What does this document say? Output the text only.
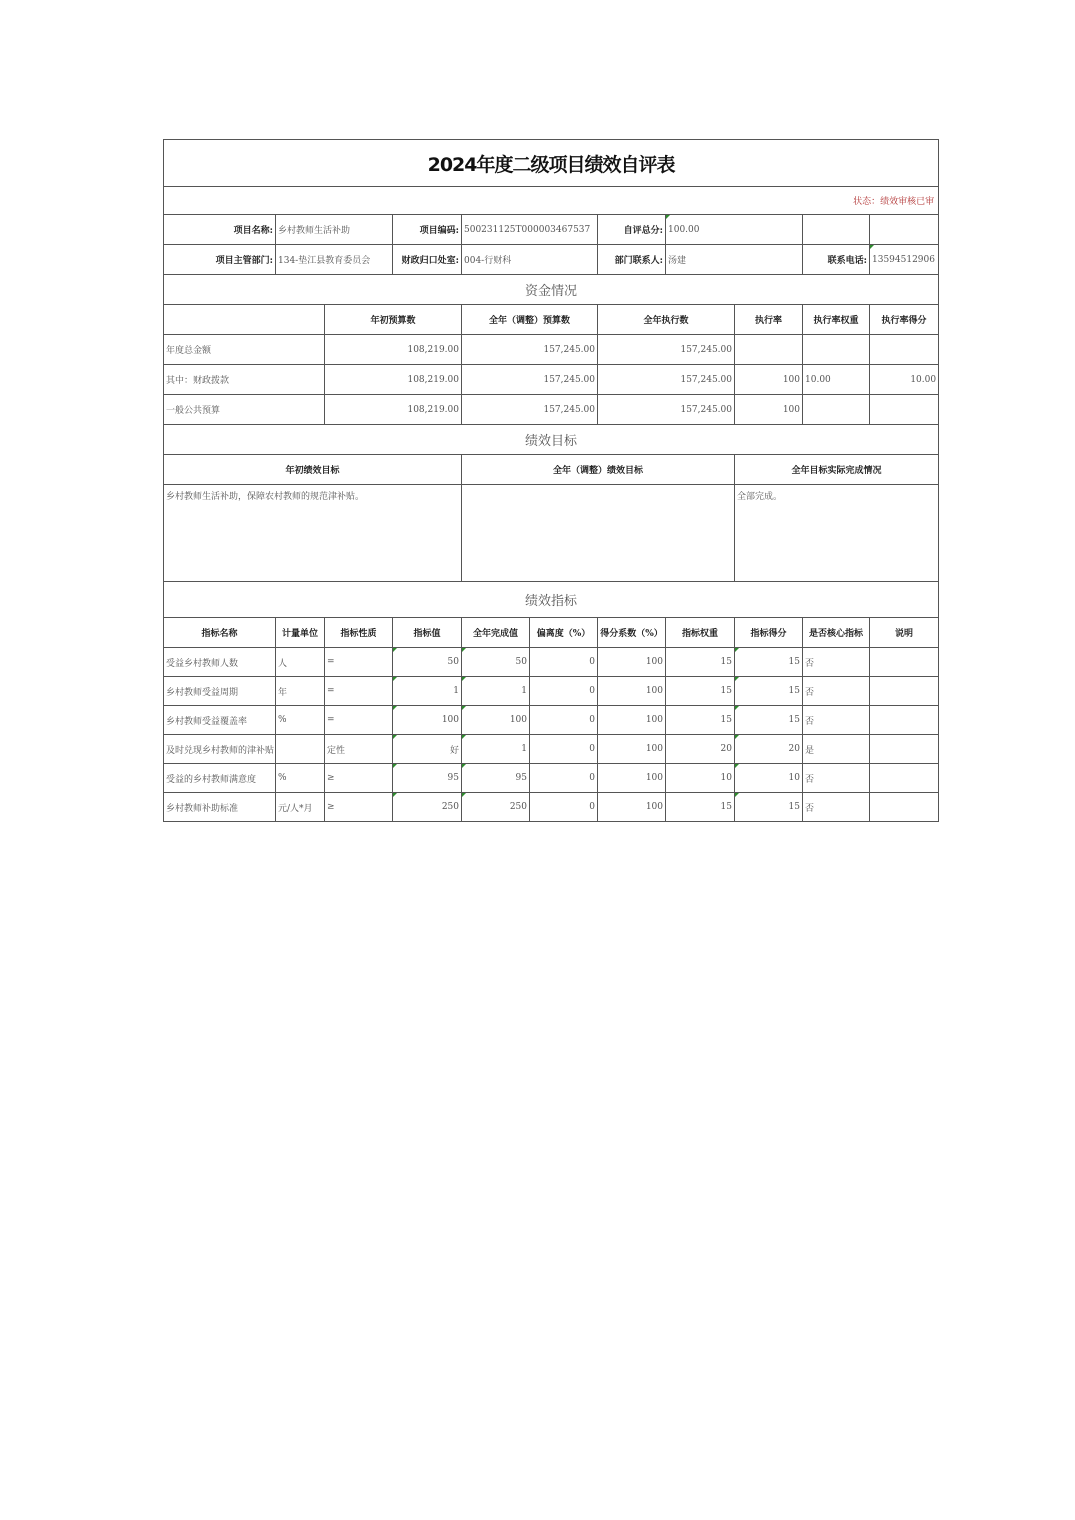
2024年度二级项目绩效自评表										
状态：绩效审核已审										
项目名称:	乡村教师生活补助		项目编码:	500231125T000003467537		自评总分:	100.00			
项目主管部门:	134-垫江县教育委员会		财政归口处室:	004-行财科		部门联系人:	汤建		联系电话:	13594512906
资金情况										
		年初预算数		全年（调整）预算数		全年执行数		执行率	执行率权重	执行率得分
年度总金额		108,219.00		157,245.00		157,245.00				
其中：财政拨款		108,219.00		157,245.00		157,245.00		100	10.00	10.00
一般公共预算		108,219.00		157,245.00		157,245.00		100		
绩效目标										
年初绩效目标				全年（调整）绩效目标				全年目标实际完成情况		
乡村教师生活补助，保障农村教师的规范津补贴。								全部完成。		
绩效指标										
指标名称	计量单位	指标性质	指标值	全年完成值	偏离度（%）	得分系数（%）	指标权重	指标得分	是否核心指标	说明
受益乡村教师人数	人	=	50	50	0	100	15	15	否	
乡村教师受益周期	年	=	1	1	0	100	15	15	否	
乡村教师受益覆盖率	%	=	100	100	0	100	15	15	否	
及时兑现乡村教师的津补贴		定性	好	1	0	100	20	20	是	
受益的乡村教师满意度	%	≥	95	95	0	100	10	10	否	
乡村教师补助标准	元/人*月	≥	250	250	0	100	15	15	否	
